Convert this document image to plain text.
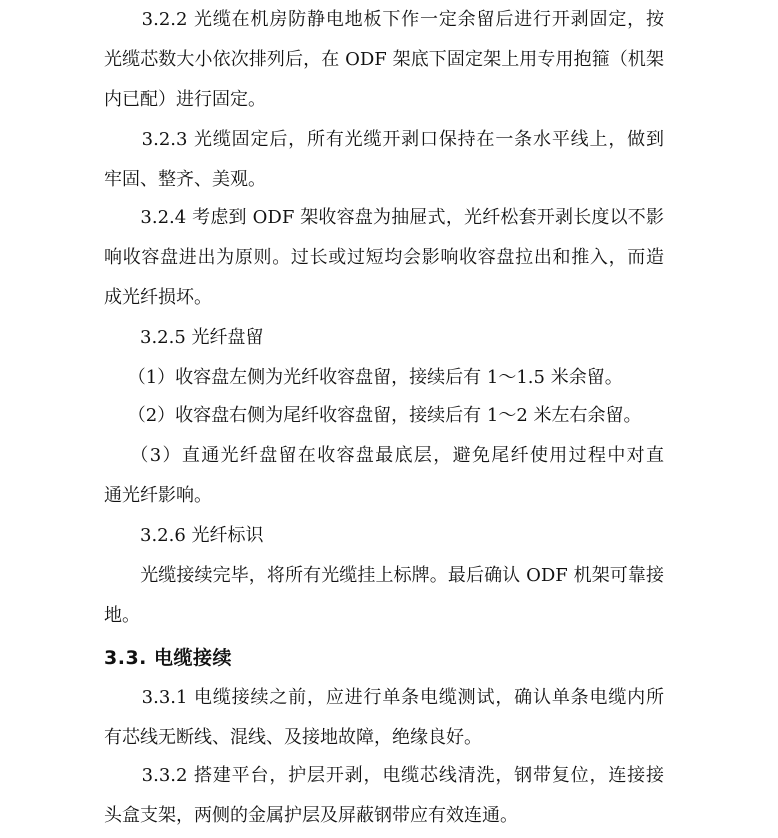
　　3.2.2 光缆在机房防静电地板下作一定余留后进行开剥固定，按
光缆芯数大小依次排列后，在 ODF 架底下固定架上用专用抱箍（机架
内已配）进行固定。
　　3.2.3 光缆固定后，所有光缆开剥口保持在一条水平线上，做到
牢固、整齐、美观。
　　3.2.4 考虑到 ODF 架收容盘为抽屉式，光纤松套开剥长度以不影
响收容盘进出为原则。过长或过短均会影响收容盘拉出和推入，而造
成光纤损坏。
　　3.2.5 光纤盘留
　 （1）收容盘左侧为光纤收容盘留，接续后有 1～1.5 米余留。
　 （2）收容盘右侧为尾纤收容盘留，接续后有 1～2 米左右余留。
　 （3）直通光纤盘留在收容盘最底层，避免尾纤使用过程中对直
通光纤影响。
　　3.2.6 光纤标识
　　光缆接续完毕，将所有光缆挂上标牌。最后确认 ODF 机架可靠接
地。
3.3. 电缆接续
　　3.3.1 电缆接续之前，应进行单条电缆测试，确认单条电缆内所
有芯线无断线、混线、及接地故障，绝缘良好。
　　3.3.2 搭建平台，护层开剥，电缆芯线清洗，钢带复位，连接接
头盒支架，两侧的金属护层及屏蔽钢带应有效连通。
